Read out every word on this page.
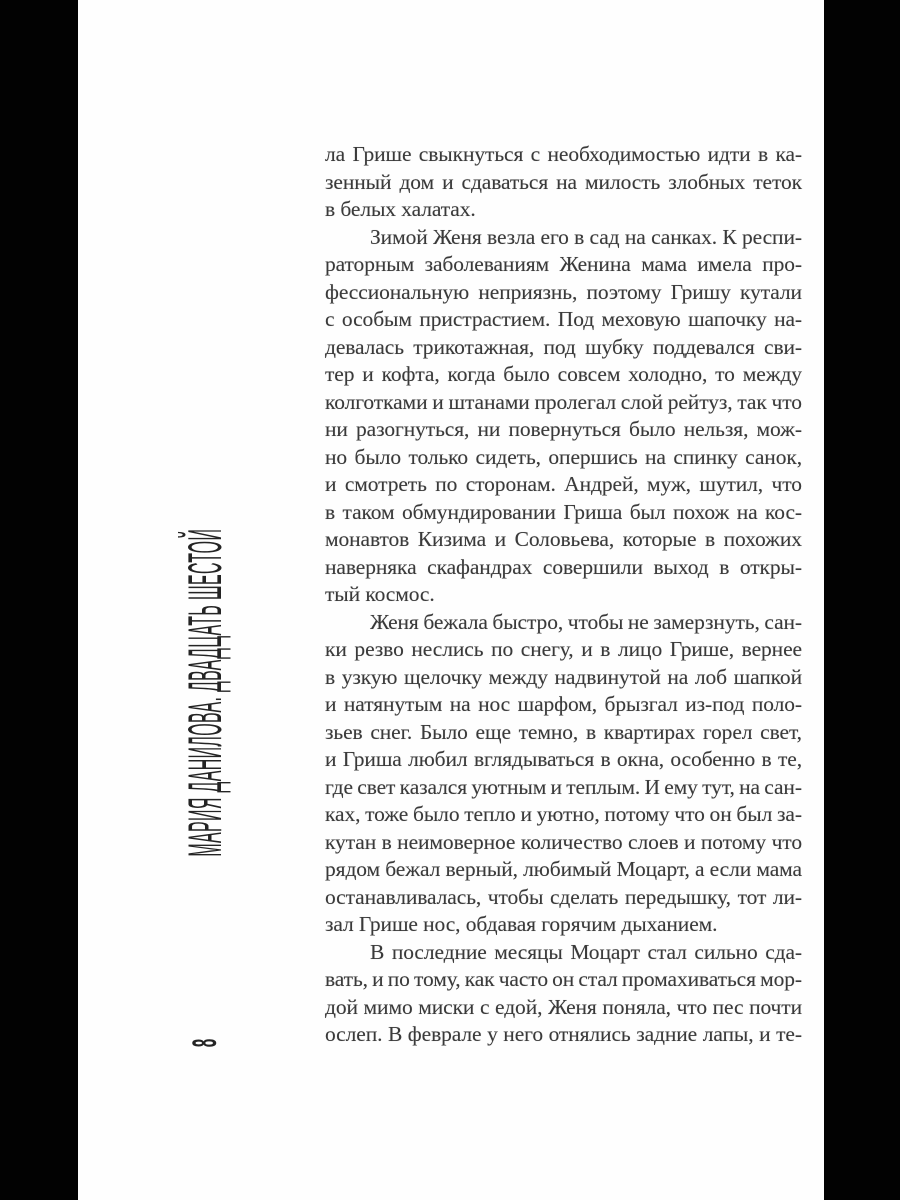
МАРИЯ ДАНИЛОВА. ДВАДЦАТЬ ШЕСТОЙ
8
ла Грише свыкнуться с необходимостью идти в ка-
зенный дом и сдаваться на милость злобных теток
в белых халатах.
Зимой Женя везла его в сад на санках. К респи-
раторным заболеваниям Женина мама имела про-
фессиональную неприязнь, поэтому Гришу кутали
с особым пристрастием. Под меховую шапочку на-
девалась трикотажная, под шубку поддевался сви-
тер и кофта, когда было совсем холодно, то между
колготками и штанами пролегал слой рейтуз, так что
ни разогнуться, ни повернуться было нельзя, мож-
но было только сидеть, опершись на спинку санок,
и смотреть по сторонам. Андрей, муж, шутил, что
в таком обмундировании Гриша был похож на кос-
монавтов Кизима и Соловьева, которые в похожих
наверняка скафандрах совершили выход в откры-
тый космос.
Женя бежала быстро, чтобы не замерзнуть, сан-
ки резво неслись по снегу, и в лицо Грише, вернее
в узкую щелочку между надвинутой на лоб шапкой
и натянутым на нос шарфом, брызгал из-под поло-
зьев снег. Было еще темно, в квартирах горел свет,
и Гриша любил вглядываться в окна, особенно в те,
где свет казался уютным и теплым. И ему тут, на сан-
ках, тоже было тепло и уютно, потому что он был за-
кутан в неимоверное количество слоев и потому что
рядом бежал верный, любимый Моцарт, а если мама
останавливалась, чтобы сделать передышку, тот ли-
зал Грише нос, обдавая горячим дыханием.
В последние месяцы Моцарт стал сильно сда-
вать, и по тому, как часто он стал промахиваться мор-
дой мимо миски с едой, Женя поняла, что пес почти
ослеп. В феврале у него отнялись задние лапы, и те-
